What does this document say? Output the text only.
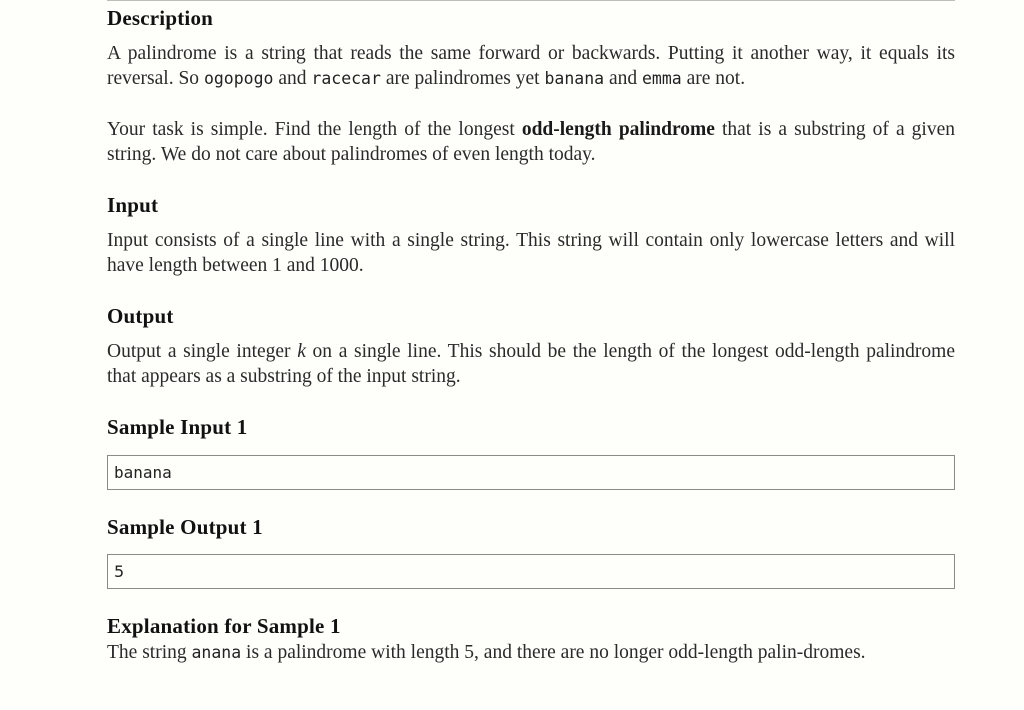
Description

A palindrome is a string that reads the same forward or backwards. Putting it another way, it equals its reversal. So ogopogo and racecar are palindromes yet banana and emma are not.

Your task is simple. Find the length of the longest odd-length palindrome that is a substring of a given string. We do not care about palindromes of even length today.

Input

Input consists of a single line with a single string. This string will contain only lowercase letters and will have length between 1 and 1000.

Output

Output a single integer k on a single line. This should be the length of the longest odd-length palindrome that appears as a substring of the input string.

Sample Input 1
banana
Sample Output 1
5
Explanation for Sample 1

The string anana is a palindrome with length 5, and there are no longer odd-length palin-dromes.
